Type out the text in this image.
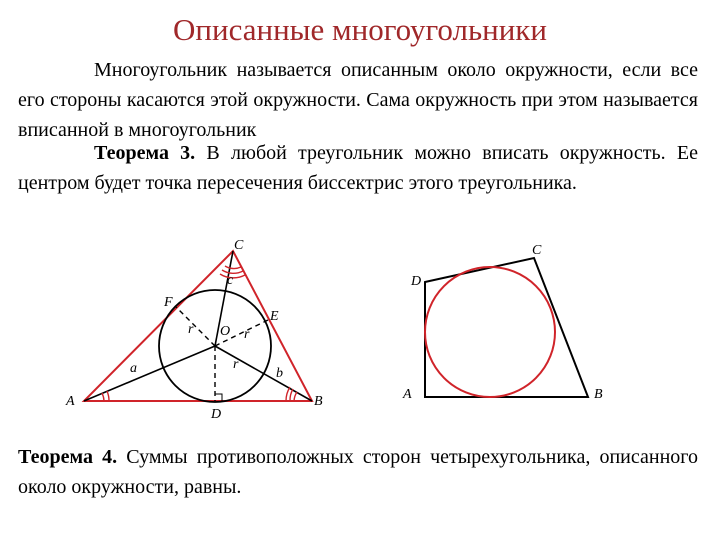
Описанные многоугольники

Многоугольник называется описанным около окружности, если все его стороны касаются этой окружности. Сама окружность при этом называется вписанной в многоугольник

Теорема 3. В любой треугольник можно вписать окружность. Ее центром будет точка пересечения биссектрис этого треугольника.

Теорема 4. Суммы противоположных сторон четырехугольника, описанного около окружности, равны.

A	B
C
D
E
F
O
a	b
c
r	r
r
A	B
C
D
